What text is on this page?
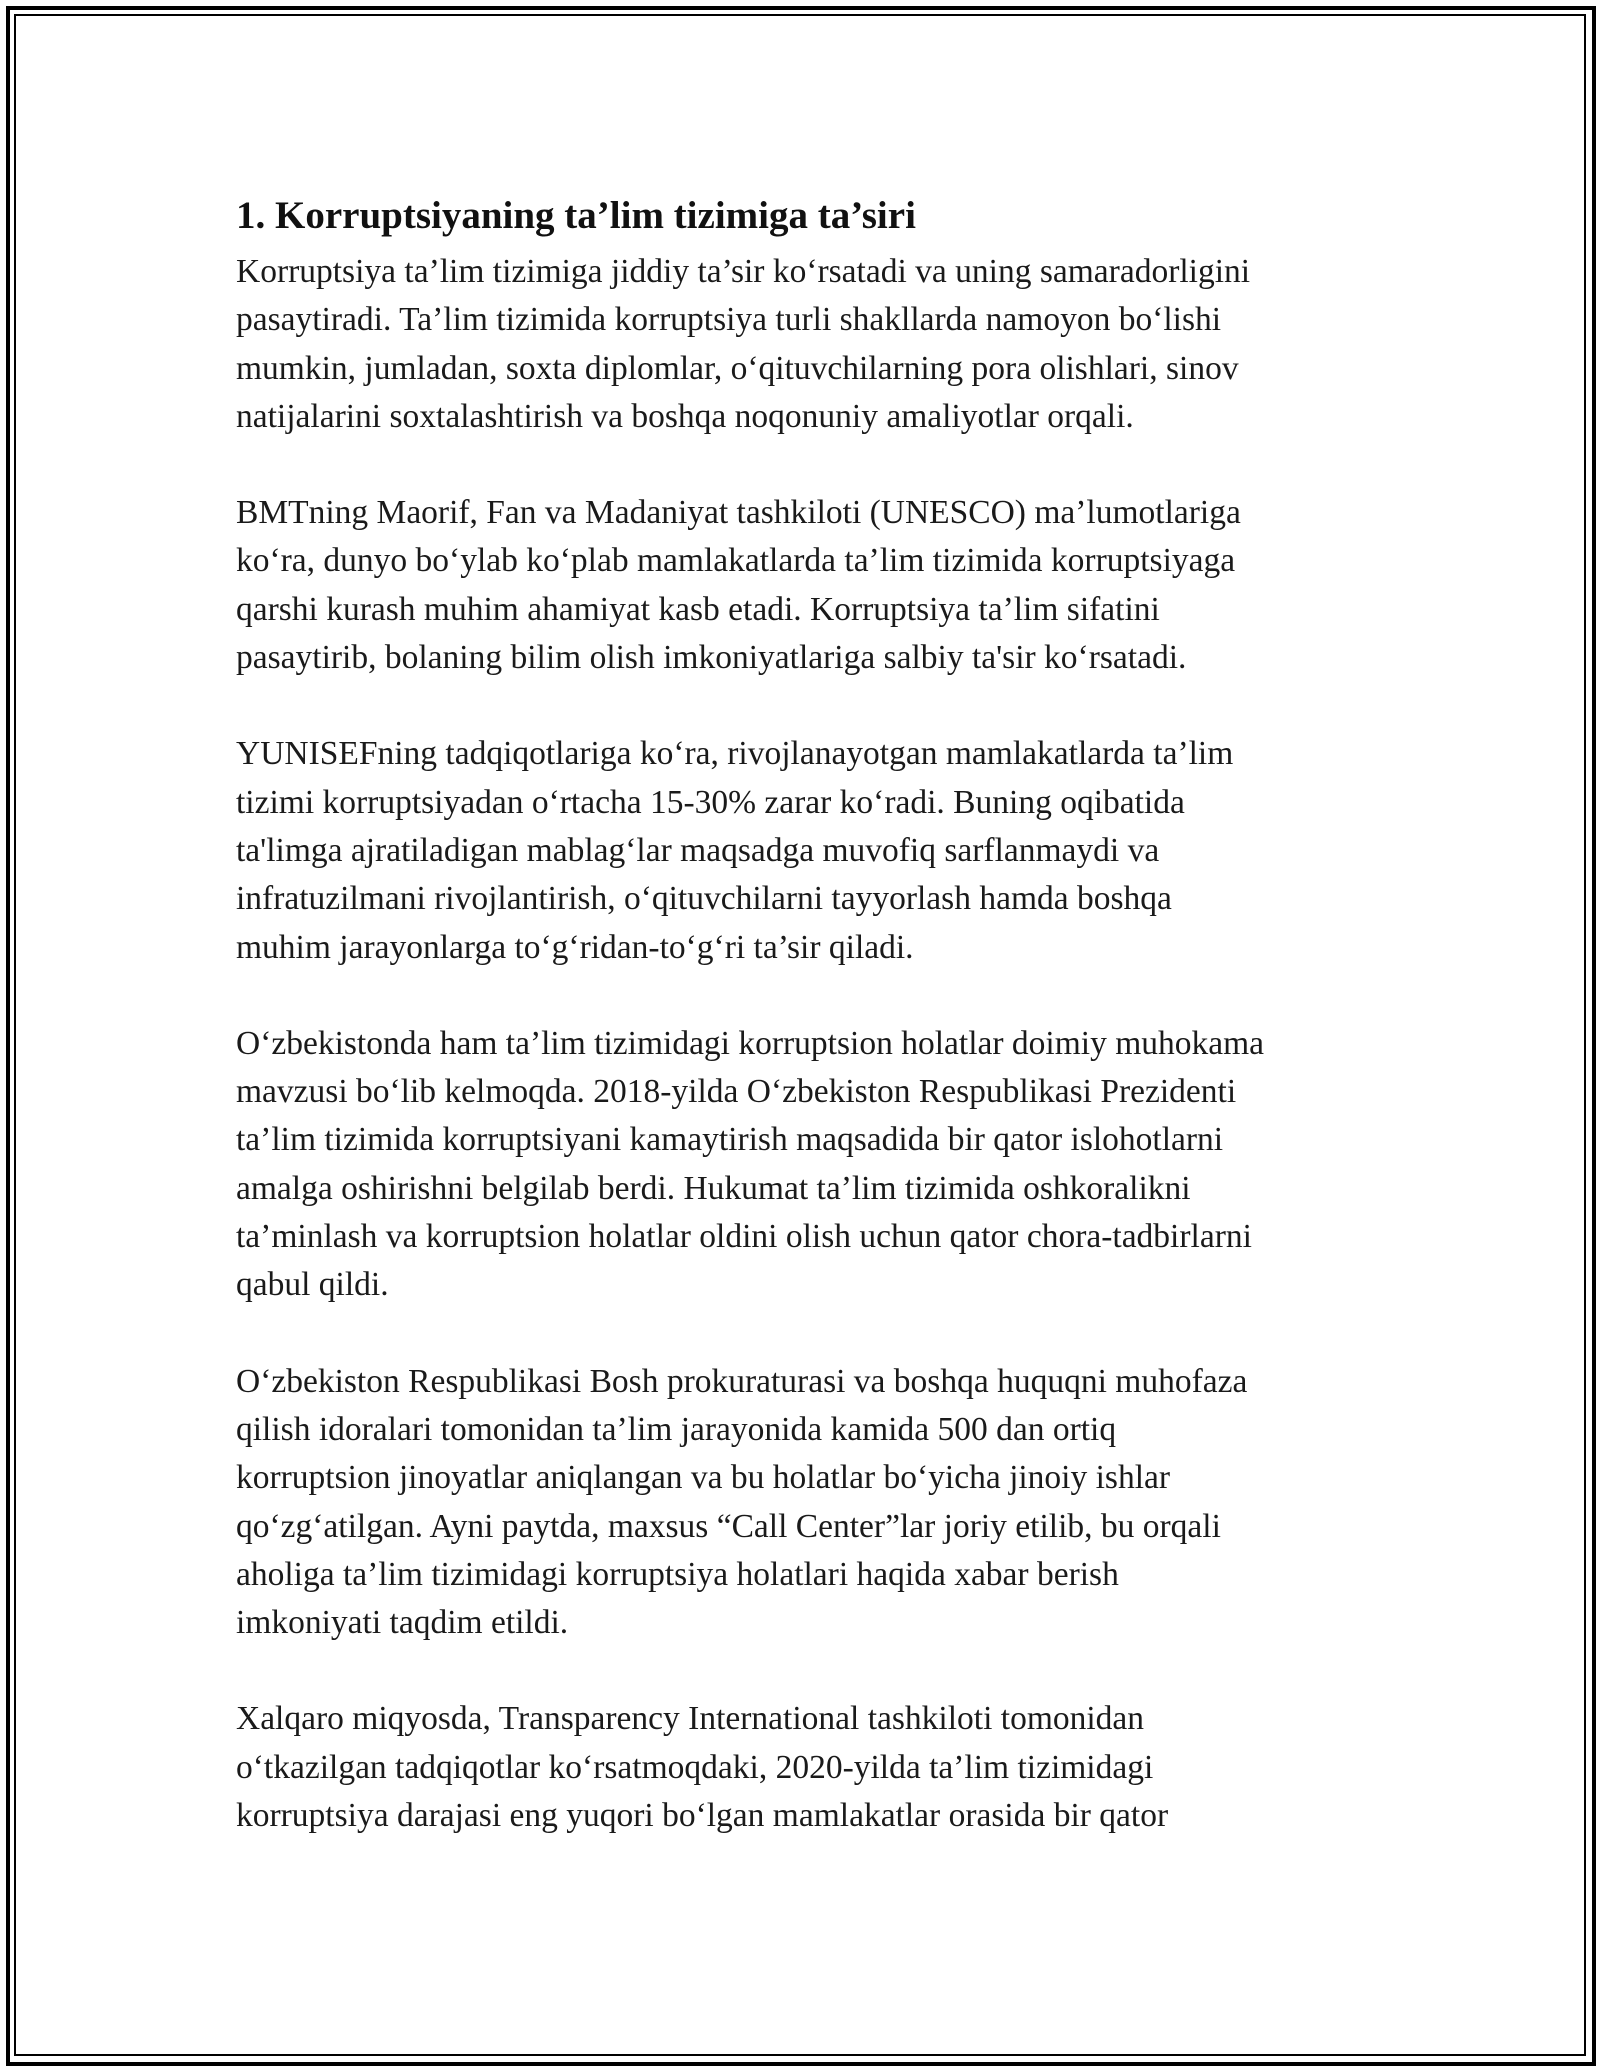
1. Korruptsiyaning ta’lim tizimiga ta’siri

Korruptsiya ta’lim tizimiga jiddiy ta’sir ko‘rsatadi va uning samaradorligini
pasaytiradi. Ta’lim tizimida korruptsiya turli shakllarda namoyon bo‘lishi
mumkin, jumladan, soxta diplomlar, o‘qituvchilarning pora olishlari, sinov
natijalarini soxtalashtirish va boshqa noqonuniy amaliyotlar orqali.

BMTning Maorif, Fan va Madaniyat tashkiloti (UNESCO) ma’lumotlariga
ko‘ra, dunyo bo‘ylab ko‘plab mamlakatlarda ta’lim tizimida korruptsiyaga
qarshi kurash muhim ahamiyat kasb etadi. Korruptsiya ta’lim sifatini
pasaytirib, bolaning bilim olish imkoniyatlariga salbiy ta'sir ko‘rsatadi.

YUNISEFning tadqiqotlariga ko‘ra, rivojlanayotgan mamlakatlarda ta’lim
tizimi korruptsiyadan o‘rtacha 15-30% zarar ko‘radi. Buning oqibatida
ta'limga ajratiladigan mablag‘lar maqsadga muvofiq sarflanmaydi va
infratuzilmani rivojlantirish, o‘qituvchilarni tayyorlash hamda boshqa
muhim jarayonlarga to‘g‘ridan-to‘g‘ri ta’sir qiladi.

O‘zbekistonda ham ta’lim tizimidagi korruptsion holatlar doimiy muhokama
mavzusi bo‘lib kelmoqda. 2018-yilda O‘zbekiston Respublikasi Prezidenti
ta’lim tizimida korruptsiyani kamaytirish maqsadida bir qator islohotlarni
amalga oshirishni belgilab berdi. Hukumat ta’lim tizimida oshkoralikni
ta’minlash va korruptsion holatlar oldini olish uchun qator chora-tadbirlarni
qabul qildi.

O‘zbekiston Respublikasi Bosh prokuraturasi va boshqa huquqni muhofaza
qilish idoralari tomonidan ta’lim jarayonida kamida 500 dan ortiq
korruptsion jinoyatlar aniqlangan va bu holatlar bo‘yicha jinoiy ishlar
qo‘zg‘atilgan. Ayni paytda, maxsus “Call Center”lar joriy etilib, bu orqali
aholiga ta’lim tizimidagi korruptsiya holatlari haqida xabar berish
imkoniyati taqdim etildi.

Xalqaro miqyosda, Transparency International tashkiloti tomonidan
o‘tkazilgan tadqiqotlar ko‘rsatmoqdaki, 2020-yilda ta’lim tizimidagi
korruptsiya darajasi eng yuqori bo‘lgan mamlakatlar orasida bir qator
